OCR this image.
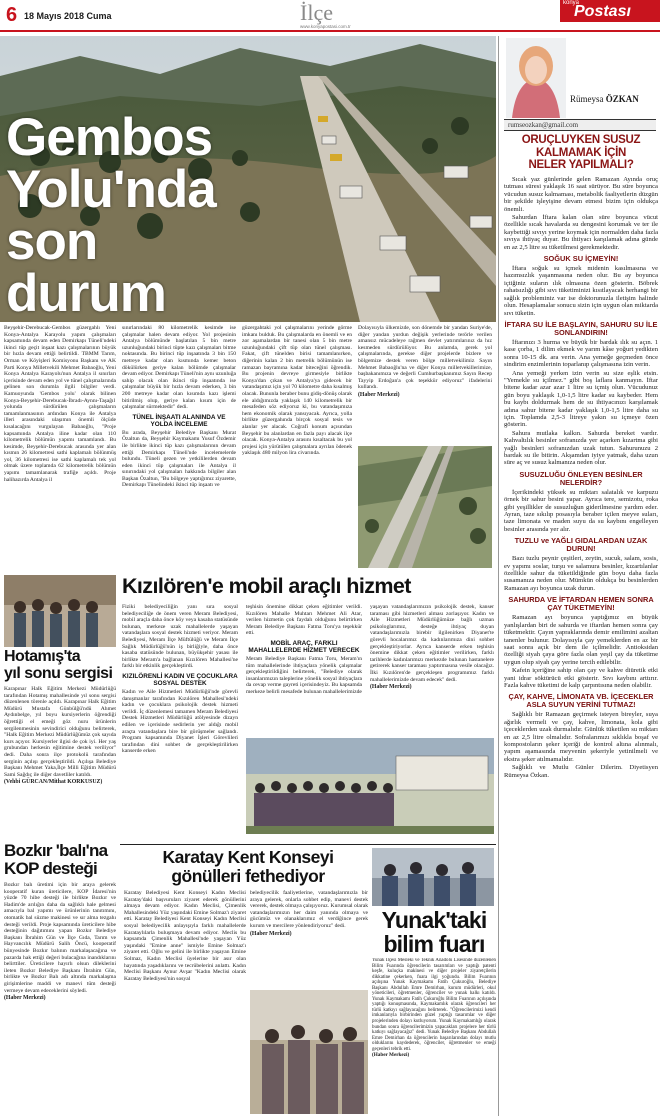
6 18 Mayıs 2018 Cuma	İlçe
www.konyapostasi.com.tr
konya
Postası
Gembos
Yolu'nda
son durum

Beyşehir-Derebucak-Gembos güzergahlı Yeni Konya-Antalya Karayolu yapım çalışmaları kapsamında devam eden Demirkapı Tüneli'ndeki ikinci tüp geçit inşaat kazı çalışmalarının büyük bir hızla devam ettiği belirtildi. TBMM Tarım, Orman ve Köyişleri Komisyonu Başkanı ve AK Parti Konya Milletvekili Mehmet Babaoğlu, Yeni Konya Antalya Karayolu'nun Antalya il sınırları içerisinde devam eden yol ve tünel çalışmalarında gelinen son durumla ilgili bilgiler verdi. Kamuoyunda 'Gembos yolu' olarak bilinen Konya-Beyşehir-Derebucak-İbradı-Aynnı-Taşağıl yolunda sürdürülen çalışmaların tamamlanmasının ardından Konya ile Antalya illeri arasındaki ulaşımın önemli ölçüde kısalacağını vurgulayan Babaoğlu, "Proje kapsamında Antalya iline kadar olan 110 kilometrelik bölümün yapımı tamamlandı. Bu kesimde, Beyşehir-Derebucak arasında yer alan kısmın 26 kilometresi sathi kaplamalı bölünmüş yol, 36 kilometresi ise sathi kaplamalı tek yol olmak üzere toplamda 62 kilometrelik bölümün yapımı tamamlanarak trafiğe açıldı. Proje halihazırda Antalya il

sınırlarındaki 80 kilometrelik kesimde ise çalışmalar halen devam ediyor. Yol projesinin Antalya bölümünde başlatılan 5 bin metre uzunluğundaki birinci tüpte kazı çalışmaları bitme noktasında. Bu birinci tüp inşaatında 3 bin 150 metreye kadar olan kısmında kemer beton dökülürken geriye kalan bölümde çalışmalar devam ediyor. Demirkapı Tüneli'nin aynı uzunluğa sahip olacak olan ikinci tüp inşaatında ise çalışmalar büyük bir hızla devam ederken, 3 bin 200 metreye kadar olan kısımda kazı işlemi bitirilmiş olup, geriye kalan kısım için de çalışmalar sürmektedir" dedi.

TÜNEL İNŞAATI ALANINDA VE YOLDA İNCELEME

Bu arada, Beyşehir Belediye Başkanı Murat Özaltun da, Beyşehir Kaymakamı Yusuf Özdemir ile birlikte ikinci tüp kazı çalışmalarının devam ettiği Demirkapı Tüneli'nde incelemelerde bulundu. Tüneli gezen ve yetkililerden devam eden ikinci tüp çalışmaları ile Antalya il sınırındaki yol çalışmaları hakkında bilgiler alan Başkan Özaltun, "Bu bölgeye yaptığımız ziyarette, Demirkapı Tünelindeki ikinci tüp inşaatı ve

güzergahtaki yol çalışmalarını yerinde görme imkanı bulduk. Bu çalışmalarda en önemli ve en zor aşamalardan bir tanesi olan 5 bin metre uzunluğundaki çift tüp olan tünel çalışması. Fakat, çift tünelden birisi tamamlanırken, diğerinin kalan 2 bin metrelik bölümünün ise ramazan bayramına kadar biteceğini öğrendik. Bu projenin devreye girmesiyle birlikte Konya'dan çıkan ve Antalya'ya gidecek bir vatandaşımız için yol 70 kilometre daha kısalmış olacak. Bununla beraber bunu gidiş-dönüş olarak ele aldığımızda yaklaşık 140 kilometrelik bir mesafeden söz ediyoruz ki, bu vatandaşımıza hem ekonomik olarak yansıyacak. Ayrıca, yolla birlikte güzergahında birçok sosyal tesis ve alanlar yer alacak. Coğrafi konum açısından Beyşehir bu alanlardan en fazla payı alacak ilçe olacak. Konya-Antalya arasını kısaltacak bu yol projesi için yürütülen çalışmalara ayrılan ödenek yaklaşık 480 milyon lira civarında.

Dolayısıyla ülkemizde, son dönemde bir yandan Suriye'de, diğer yandan yurdun değişik yerlerinde terörle verilen amansız mücadeleye rağmen devlet yatırımlarınız da hız kesmeden sürdürülüyor. Bu anlamda, gerek yol çalışmalarında, gerekse diğer projelerde bizlere ve bölgemize destek veren bölge milletvekilimiz Sayın Mehmet Babaoğlu'na ve diğer Konya milletvekillerimize, başbakanımıza ve değerli Cumhurbaşkanımız Sayın Recep Tayyip Erdoğan'a çok teşekkür ediyoruz" ifadelerini kullandı.

(Haber Merkezi)
Hotamış'ta
yıl sonu sergisi

Karapınar Halk Eğitim Merkezi Müdürlüğü tarafından Hotamış mahallesinde yıl sonu sergisi düzenlenen törenle açıldı. Karapınar Halk Eğitim Müdürü Mustafa Günbülğü'ndü Ahmet Aydınbelge, yıl boyu kursiyerlerin öğrendiği öğrettiği el emeği göz nuru ürünlerin sergilenmesinin sevindirici olduğunu belirterek, "Halk Eğitim Merkezi Müdürlüğümüz çok sayıda kurs açıyor. Kursiyerler ilgisi de çok iyi. Her yaş grubundan herkesin eğitimine destek veriliyor" dedi. Daha sonra ilçe protokolü tarafından serginin açılışı gerçekleştirildi. Açılışa Belediye Başkanı Mehmet Yaka,İlçe Milli Eğitim Müdürü Sami Sağdıç ile diğer davetliler katıldı.

(Vehbi GÜRCAN/Mithat KORKUSUZ)
Kızılören'e mobil araçlı hizmet

Fiziki belediyeciliğin yanı sıra sosyal belediyeciliğe de önem veren Meram Belediyesi, mobil araçla daha önce köy veya kasaba statüsünde bulunan, merkeze uzak mahallelerde yaşayan vatandaşlara sosyal destek hizmeti veriyor. Meram Belediyesi, Meram İlçe Müftülüğü ve Meram İlçe Sağlık Müdürlüğü'nün iş birliğiyle, daha önce kasaba statüsünde bulunan, büyükşehir yasası ile birlikte Meram'a bağlanan Kızılören Mahallesi'ne farklı bir etkinlik gerçekleştirdi.

KIZILÖRENLİ KADIN VE ÇOCUKLARA SOSYAL DESTEK

Kadın ve Aile Hizmetleri Müdürlüğü'nde görevli danışmanlar tarafından Kızılören Mahallesi'ndeki kadın ve çocuklara psikolojik destek hizmeti verildi. İç düzenlemesi tamamen Meram Belediyesi Destek Hizmetleri Müdürlüğü atölyesinde dizayn edilen ve içerisinde sedirlerin yer aldığı mobil araçta vatandaşlara bire bir görüşmeler sağlandı. Program kapsamında Diyanet İşleri Görevlileri tarafından dini sohbet de gerçekleştirilirken kanserde erken

teşhisin önemine dikkat çeken eğitimler verildi. Kızılören Mahalle Muhtarı Mehmet Ali Atar, verilen hizmetin çok faydalı olduğunu belirtirken Meram Belediye Başkanı Fatma Toru'ya teşekkür etti.

MOBİL ARAÇ, FARKLI MAHALLELERDE HİZMET VERECEK

Meram Belediye Başkanı Fatma Toru, Meram'ın tüm mahallelerinde ihtiyaçlara yönelik çalışmalar gerçekleştirildiğini belirterek, "Belediye olarak insanlarımızın taleplerine yönelik sosyal ihtiyaçlara da cevap verme gayreti içerisindeyiz. Bu kapsamda merkeze belirli mesafede bulunan mahallelerimizde

yaşayan vatandaşlarımızın psikolojik destek, kanser taraması gibi hizmetleri alması zorlaşıyor. Kadın ve Aile Hizmetleri Müdürlüğümüze bağlı uzman psikologlarımız, desteğe ihtiyaç duyan vatandaşlarımızla birebir ilgilenirken Diyanet'te görevli hocalarımız da kadınlarımıza dini sohbet gerçekleştiriyorlar. Ayrıca kanserde erken teşhisin önemine dikkat çeken eğitimler verilirken, farklı tarihlerde kadınlarımızı merkezde bulunan hastanelere getirerek kanser taraması yaptırmasına vesile olacağız. İlki Kızılören'de gerçekleşen programımız farklı mahallelerimizde devam edecek" dedi.

(Haber Merkezi)
Bozkır 'balı'na
KOP desteği

Bozkır balı üretimi için bir araya gelerek kooperatif kuran üreticilere, KOP İdaresi'nin yüzde 70 hibe desteği ile birlikte Bozkır ve Hadim'de arılığın daha da sağlıklı hale gelmesi amacıyla bal yapımı ve ürünlerinin tanıtımını, otomatik bal süzme makinesi ve sır alma tezgahı desteği verildi. Proje kapsamında üreticilere hibe desteğinin dağıtımını yapan Bozkır Belediye Başkanı İbrahim Gün ve İlçe Gıda, Tarım ve Hayvancılık Müdürü Salih Öncü, kooperatif bünyesinde Bozkır balının markalaşacağına ve pazarda hak ettiği değeri bulacağına inandıklarını belirttiler. Üreticilere hayırlı olsun dileklerini ileten Bozkır Belediye Başkanı İbrahim Gün, birlikte ve Bozkır Balı adı altında markalaşma girişimlerine maddi ve manevi tüm desteği vermeye devam edeceklerini söyledi.

(Haber Merkezi)
Karatay Kent Konseyi
gönülleri fethediyor

Karatay Belediyesi Kent Konseyi Kadın Meclisi Karatay'daki başvuruları ziyaret ederek gönüllerini almaya devam ediyor. Kadın Meclisi, Çimenlik Mahallesindeki Yüz yaşındaki Emine Solmaz'ı ziyaret etti. Karatay Belediyesi Kent Konseyi Kadın Meclisi sosyal belediyecilik anlayışıyla farklı mahallelerde Karataylılarla buluşmaya devam ediyor. Meclis bu kapsamda Çimenlik Mahallesi'nde yaşayan Yüz yaşındaki "Emine anne" ismiyle Emine Solmaz'ı ziyaret etti. Oğlu ve gelini ile birlikte yaşayan Emine Solmaz, Kadın Meclisi üyelerine bir asır olan hayatında yaşadıklarını ve tecrübelerini anlattı. Kadın Meclisi Başkanı Aynur Avşar "Kadın Meclisi olarak Karatay Belediyesi'nin sosyal

belediyecilik faaliyetlerine, vatandaşlarımızla bir araya gelerek, onlarla sohbet edip, manevi destek vererek, destek olmaya çalışıyoruz. Kurumsal olarak vatandaşlarımızın her daim yanında olmaya ve gücümüz ve olanaklarımız el verdiğince gerek kurum ve mercilere yönlendiriyoruz" dedi.

(Haber Merkezi)
Yunak'taki
bilim fuarı

Yunak İlçesi Mesleki ve Teknik Anadolu Lisesinde düzenlenen Bilim Fuarında öğrencilerin tasarımları ve yaptığı patenti keşfe, kuluçka makinesi ve diğer projeler ziyaretçilerin dikkatine çekerken, fuara ilgi yoğundu. Bilim Fuarının açılışına Yunak Kaymakamı Fatih Çukuroğlu, Belediye Başkanı Abdullah Emre Demirhan, kurum müdürleri, okul yöneticileri, öğretmenler, öğrenciler ve yunak halkı katıldı. Yunak Kaymakamı Fatih Çukuroğlu Bilim Fuarının açılışında yaptığı konuşmasında, Kaymakamlık olarak öğrencileri her türlü katkıyı sağlayacağını belirterek. "Öğrencilerimizi kendi imkanlarıyla birbirinden güzel yaptığı tasarımlar ve diğer projelerinden dolayı kutluyorum. Yunak Kaymakamlığı olarak bundan sonra öğrencilerimizin yapacakları projelere her türlü katkıyı sağlayacağız" dedi. Yunak Belediye Başkanı Abdullah Emre Demirhan da öğrencilerin başarılarından dolayı mutlu olduklarını kaydederek, öğrenciler, öğretmenler ve emeği geçenleri tebrik etti.

(Haber Merkezi)
Rümeysa ÖZKAN
rumseozkan@gmail.com
ORUÇLUYKEN SUSUZ
KALMAMAK İÇİN
NELER YAPILMALI?

Sıcak yaz günlerinde gelen Ramazan Ayında oruç tutması süresi yaklaşık 16 saat sürüyor. Bu süre boyunca vücudun susuz kalmaması, metabolik faaliyetlerin düzgün bir şekilde işleyişine devam etmesi bizim için oldukça önemli.

Sahurdan İftara kalan olan süre boyunca vücut özellikle sıcak havalarda su dengesini korumak ve ter ile kaybettiği sıvıyı yerine koymak için normalden daha fazla sıvıya ihtiyaç duyar. Bu ihtiyacı karşılamak adına günde en az 2,5 litre su tüketilmesi gerekmektedir.

SOĞUK SU İÇMEYİN!

İftara soğuk su içmek midenin kasılmasına ve hazımsızlık yaşanmasına neden olur. Bu ay boyunca içtiğiniz suların ılık olmasına özen gösterin. Böbrek rahatsızlığı gibi sıvı tüketiminizi kısıtlayacak herhangi bir sağlık probleminiz var ise doktorunuzla iletişim halinde olun. Hesaplamalar sonucu sizin için uygun olan miktarda sıvı tüketin.

İFTARA SU İLE BAŞLAYIN, SAHURU SU İLE SONLANDIRIN!

İftarınızı 3 hurma ve büyük bir bardak ılık su açın. 1 kase çorba, 1 dilim ekmek ve yarım kâse yoğurt yedikten sonra 10-15 dk. ara verin. Ana yemeğe geçmeden önce sindirim enzimlerinin toparlanıp çalışmasına izin verin.

Ana yemeği yerken izin verin su size eşlik etsin. "Yemekle su içilmez." gibi boş laflara kanmayın. İftar bitene kadar azar azar 1 litre su içmiş olun. Vücudunuz gün boyu yaklaşık 1,0-1,5 litre kadar su kaybeder. Hem bu kaybı doldurmak hem de su ihtiyacınızı karşılamak adına sahur bitene kadar yaklaşık 1,0-1,5 litre daha su için. Toplamda 2,5-3 litreye yakın su içmeye özen gösterin.

Sahura mutlaka kalkın. Sahurda bereket vardır. Kahvaltılık besinler sofranızda yer açarken kızartma gibi yağlı besinleri sofranızdan uzak tutun. Sahurunuzu 2 bardak su ile bitirin. Akşamdan iyiye yatmak, daha uzun süre aç ve susuz kalmanıza neden olur.

SUSUZLUĞU ÖNLEYEN BESİNLER NELERDİR?

İçerikindeki yüksek su miktarı salatalık ve karpuzu örnek bir sahur besini yapar. Ayrıca tere, semizotu, roka gibi yeşillikler de susuzluğun giderilmesine yardım eder. Ayran, taze sıkılıp posasıyla beraber içilen meyve suları, taze limonata ve maden suyu da su kaybını engelleyen besinler arasında yer alır.

TUZLU ve YAĞLI GIDALARDAN UZAK DURUN!

Bazı tuzlu peynir çeşitleri, zeytin, sucuk, salam, sosis, ev yapımı soslar, turşu ve salamura besinler, kızartılanlar özellikle sahur da tüketildiğinde gün boyu daha fazla susamanıza neden olur. Mümkün oldukça bu besinlerden Ramazan ayı boyunca uzak durun.

SAHURDA VE İFTARDAN HEMEN SONRA ÇAY TÜKETMEYİN!

Ramazan ayı boyunca yaptığımız en büyük yanlışlardan biri de sahurda ve iftardan hemen sonra çay tüketmektir. Çayın yapraklarında demir emilimini azaltan tanenler bulunur. Dolayısıyla çay yemeklerden en az bir saat sonra açık bir dem ile içilmelidir. Antioksidan özelliği siyah çaya göre fazla olan yeşil çay da tüketime uygun olup siyah çay yerine tercih edilebilir.

Kafein içeriğine sahip olan çay ve kahve diüretik etki yani idrar söktürücü etki gösterir. Sıvı kaybını arttırır. Fazla kahve tüketimi de kalp çarpıntısına neden olabilir.

ÇAY, KAHVE, LİMONATA VB. İÇECEKLER ASLA SUYUN YERİNİ TUTMAZ!

Sağlıklı bir Ramazan geçirmek isteyen bireyler, suya ağırlık vermeli ve çay, kahve, limonata, kola gibi içeceklerden uzak durmalıdır. Günlük tüketilen su miktarı en az 2,5 litre olmalıdır. Sofralarımızı sıklıkla boşaf ve kompostoların şeker içeriği de kontrol altına alınmalı, yapım aşamasında meyvenin şekeriyle yetinilmeli ve ekstra şeker atılmamalıdır.

Sağlıklı ve Mutlu Günler Dilerim. Diyetisyen Rümeysa Özkan.
